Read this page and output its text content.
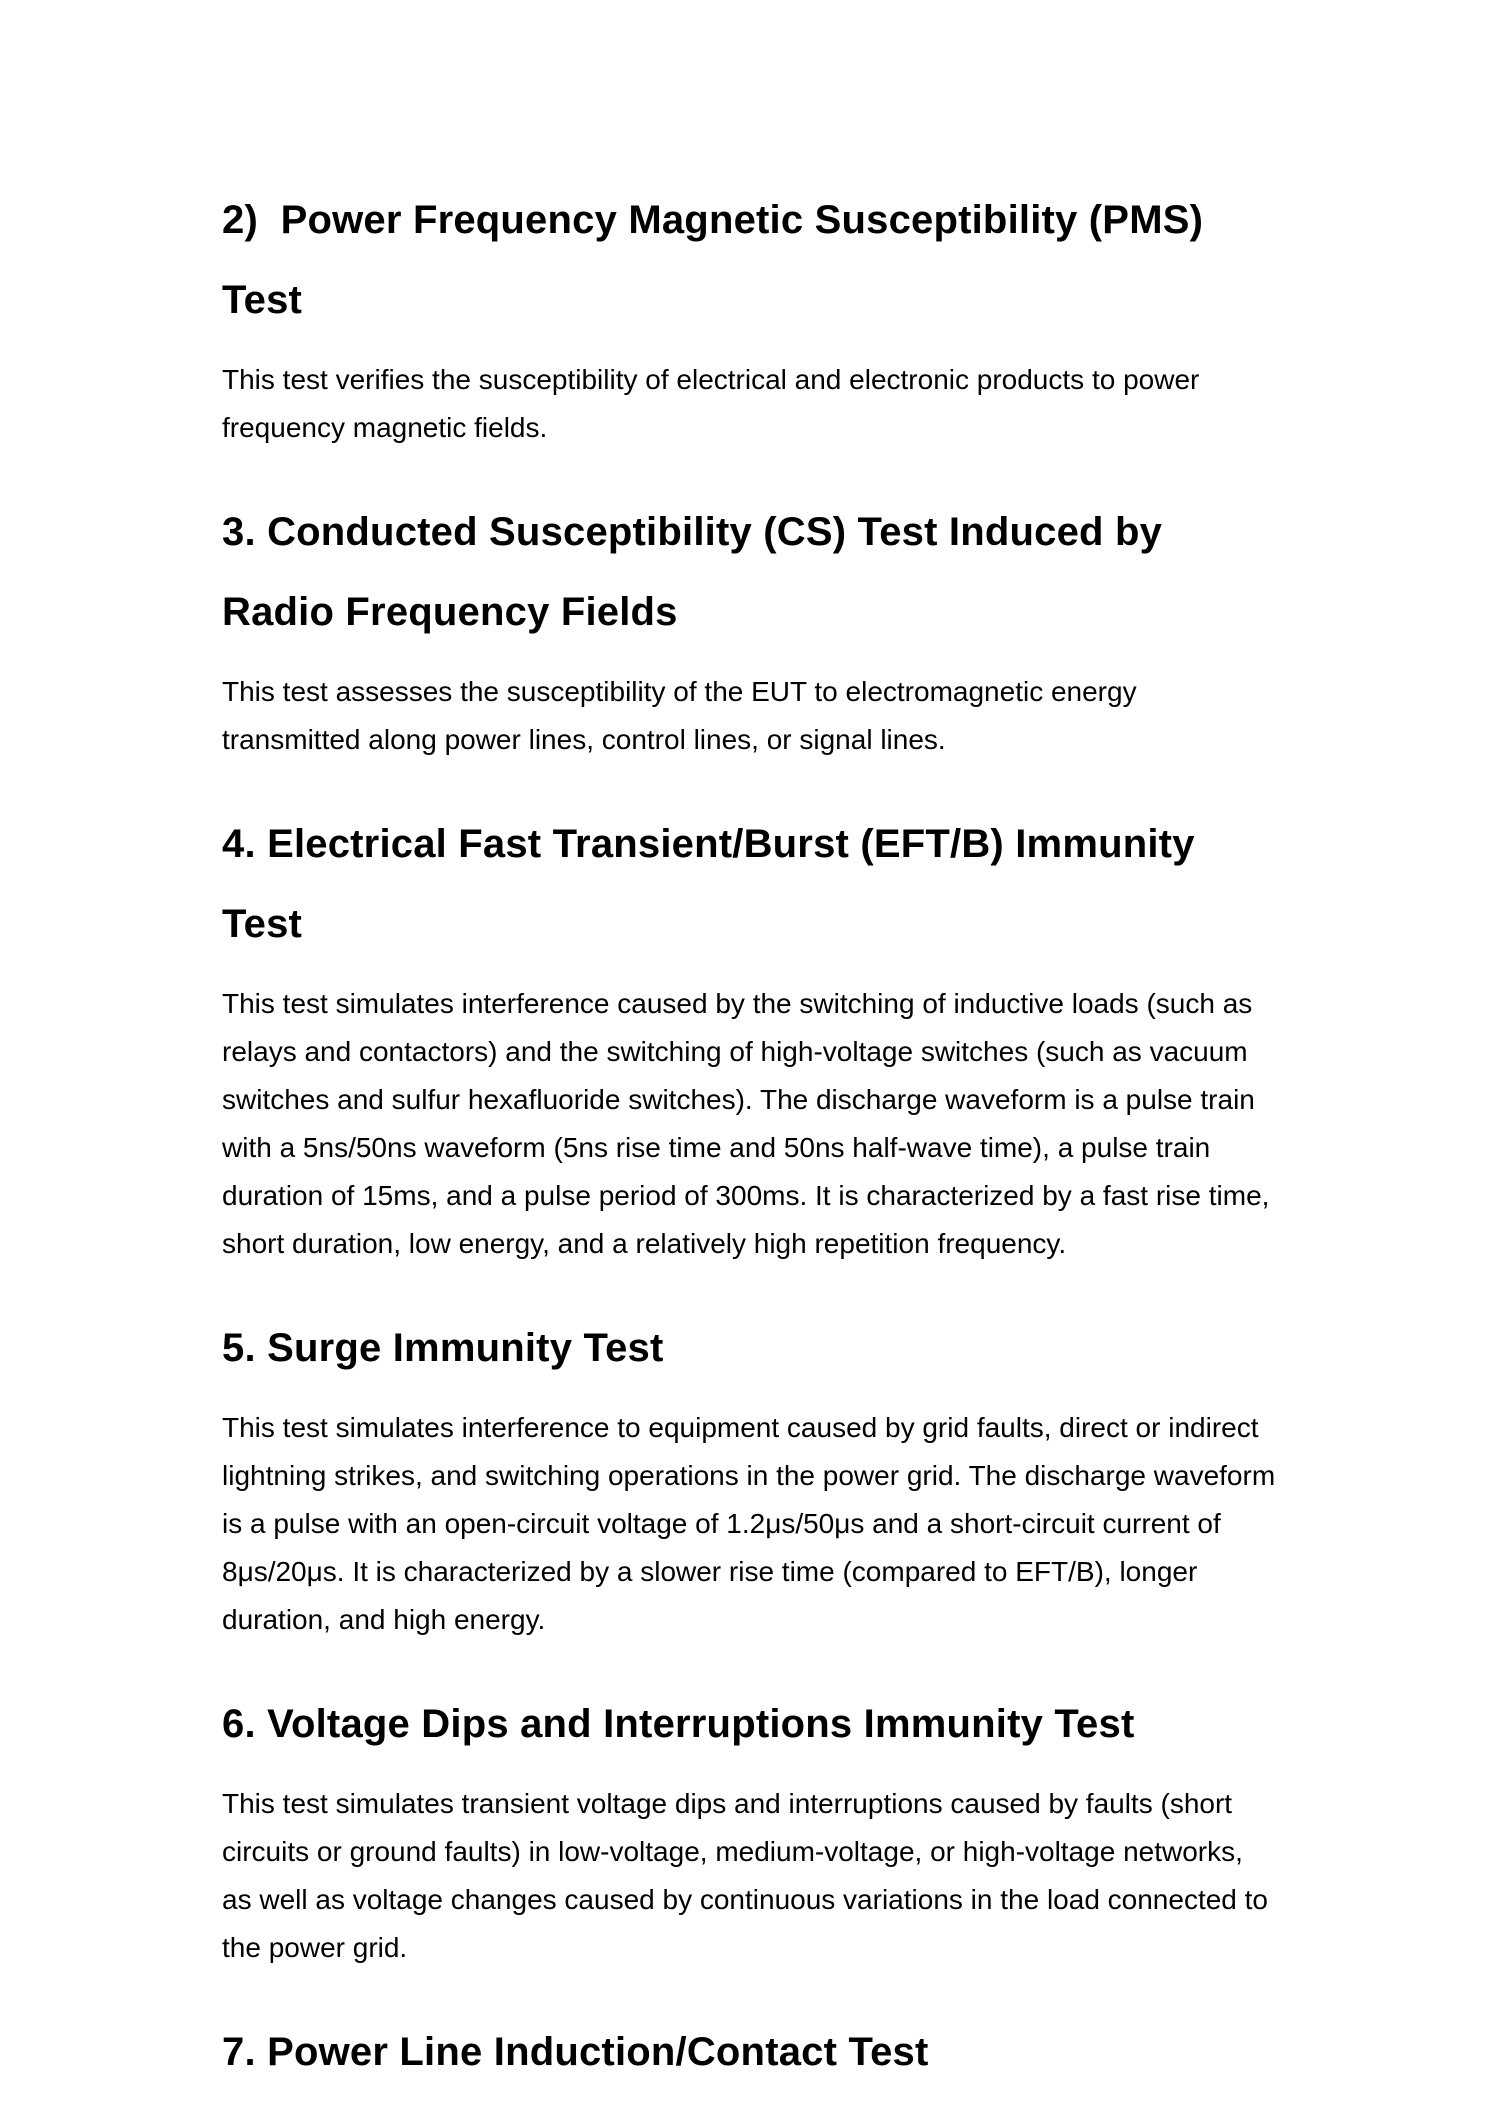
2)  Power Frequency Magnetic Susceptibility (PMS) Test

This test verifies the susceptibility of electrical and electronic products to power frequency magnetic fields.

3. Conducted Susceptibility (CS) Test Induced by Radio Frequency Fields

This test assesses the susceptibility of the EUT to electromagnetic energy transmitted along power lines, control lines, or signal lines.

4. Electrical Fast Transient/Burst (EFT/B) Immunity Test

This test simulates interference caused by the switching of inductive loads (such as relays and contactors) and the switching of high-voltage switches (such as vacuum switches and sulfur hexafluoride switches). The discharge waveform is a pulse train with a 5ns/50ns waveform (5ns rise time and 50ns half-wave time), a pulse train duration of 15ms, and a pulse period of 300ms. It is characterized by a fast rise time, short duration, low energy, and a relatively high repetition frequency.

5. Surge Immunity Test

This test simulates interference to equipment caused by grid faults, direct or indirect lightning strikes, and switching operations in the power grid. The discharge waveform is a pulse with an open-circuit voltage of 1.2μs/50μs and a short-circuit current of 8μs/20μs. It is characterized by a slower rise time (compared to EFT/B), longer duration, and high energy.

6. Voltage Dips and Interruptions Immunity Test

This test simulates transient voltage dips and interruptions caused by faults (short circuits or ground faults) in low-voltage, medium-voltage, or high-voltage networks, as well as voltage changes caused by continuous variations in the load connected to the power grid.

7. Power Line Induction/Contact Test
